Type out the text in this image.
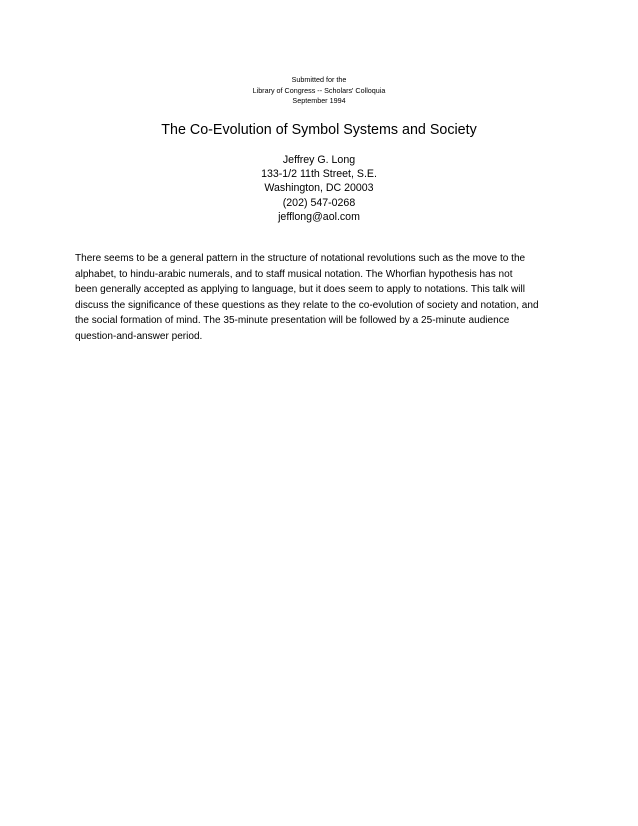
Submitted for the
Library of Congress -- Scholars' Colloquia
September 1994
The Co-Evolution of Symbol Systems and Society
Jeffrey G. Long
133-1/2 11th Street, S.E.
Washington, DC 20003
(202) 547-0268
jefflong@aol.com
There seems to be a general pattern in the structure of notational revolutions such as the move to the
alphabet, to hindu-arabic numerals, and to staff musical notation. The Whorfian hypothesis has not
been generally accepted as applying to language, but it does seem to apply to notations. This talk will
discuss the significance of these questions as they relate to the co-evolution of society and notation, and
the social formation of mind. The 35-minute presentation will be followed by a 25-minute audience
question-and-answer period.
